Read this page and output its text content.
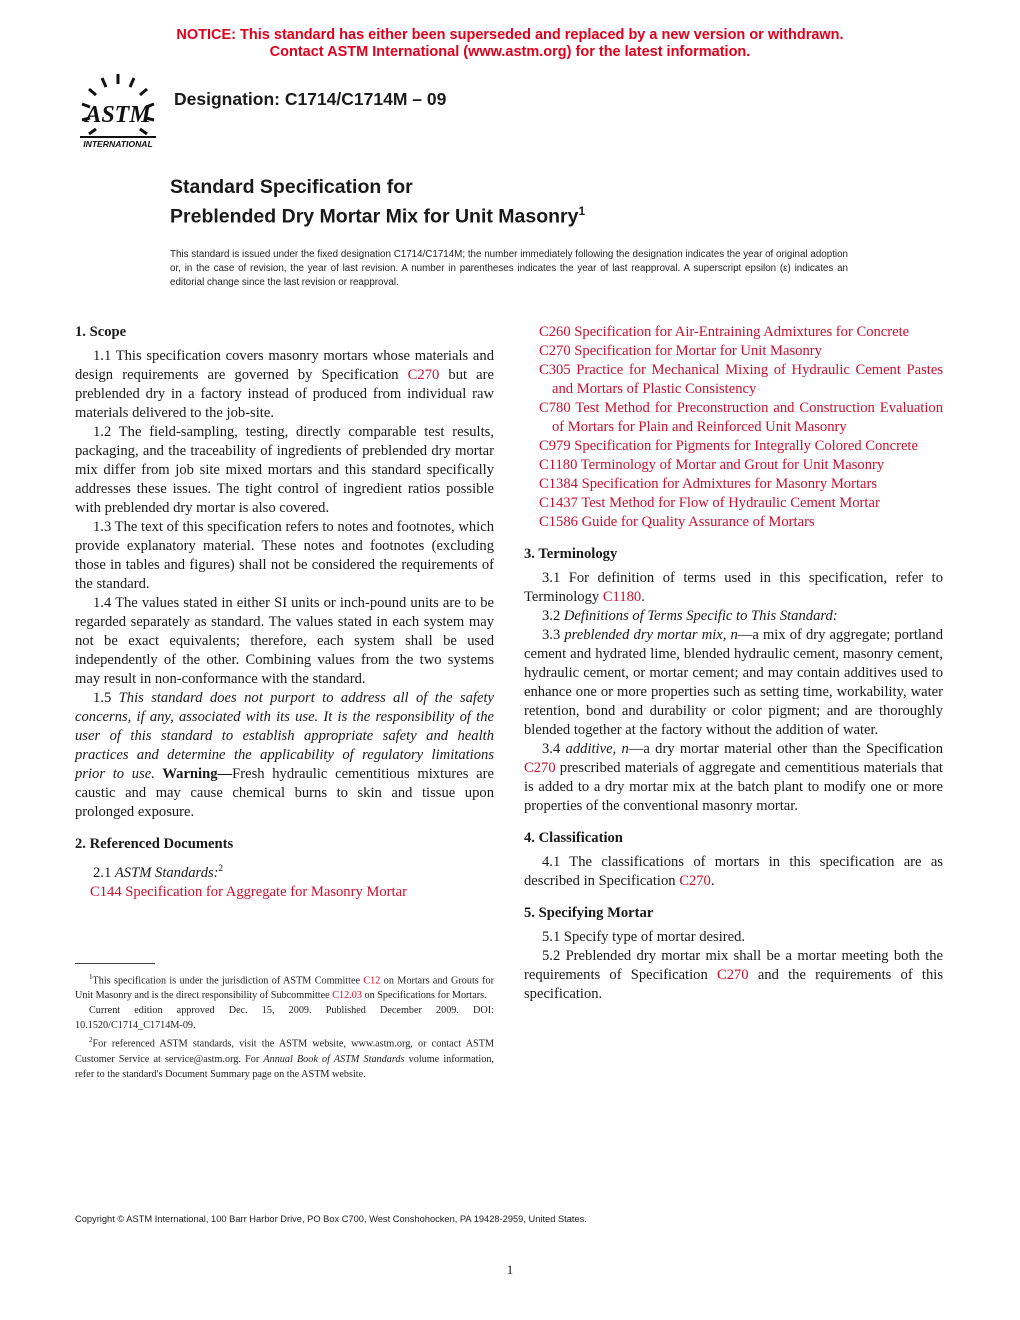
NOTICE: This standard has either been superseded and replaced by a new version or withdrawn.
Contact ASTM International (www.astm.org) for the latest information.
ASTM
INTERNATIONAL
Designation: C1714/C1714M – 09
Standard Specification for
Preblended Dry Mortar Mix for Unit Masonry$^1$
This standard is issued under the fixed designation C1714/C1714M; the number immediately following the designation indicates the year of original adoption or, in the case of revision, the year of last revision. A number in parentheses indicates the year of last reapproval. A superscript epsilon (ε) indicates an editorial change since the last revision or reapproval.
1. Scope
1.1 This specification covers masonry mortars whose materials and design requirements are governed by Specification C270 but are preblended dry in a factory instead of produced from individual raw materials delivered to the job-site.
1.2 The field-sampling, testing, directly comparable test results, packaging, and the traceability of ingredients of preblended dry mortar mix differ from job site mixed mortars and this standard specifically addresses these issues. The tight control of ingredient ratios possible with preblended dry mortar is also covered.
1.3 The text of this specification refers to notes and footnotes, which provide explanatory material. These notes and footnotes (excluding those in tables and figures) shall not be considered the requirements of the standard.
1.4 The values stated in either SI units or inch-pound units are to be regarded separately as standard. The values stated in each system may not be exact equivalents; therefore, each system shall be used independently of the other. Combining values from the two systems may result in non-conformance with the standard.
1.5 This standard does not purport to address all of the safety concerns, if any, associated with its use. It is the responsibility of the user of this standard to establish appropriate safety and health practices and determine the applicability of regulatory limitations prior to use. Warning—Fresh hydraulic cementitious mixtures are caustic and may cause chemical burns to skin and tissue upon prolonged exposure.
2. Referenced Documents
2.1 ASTM Standards:$^2$
C144 Specification for Aggregate for Masonry Mortar
$^1$This specification is under the jurisdiction of ASTM Committee C12 on Mortars and Grouts for Unit Masonry and is the direct responsibility of Subcommittee C12.03 on Specifications for Mortars.
Current edition approved Dec. 15, 2009. Published December 2009. DOI: 10.1520/C1714_C1714M-09.
$^2$For referenced ASTM standards, visit the ASTM website, www.astm.org, or contact ASTM Customer Service at service@astm.org. For Annual Book of ASTM Standards volume information, refer to the standard's Document Summary page on the ASTM website.
C260 Specification for Air-Entraining Admixtures for Concrete
C270 Specification for Mortar for Unit Masonry
C305 Practice for Mechanical Mixing of Hydraulic Cement Pastes and Mortars of Plastic Consistency
C780 Test Method for Preconstruction and Construction Evaluation of Mortars for Plain and Reinforced Unit Masonry
C979 Specification for Pigments for Integrally Colored Concrete
C1180 Terminology of Mortar and Grout for Unit Masonry
C1384 Specification for Admixtures for Masonry Mortars
C1437 Test Method for Flow of Hydraulic Cement Mortar
C1586 Guide for Quality Assurance of Mortars
3. Terminology
3.1 For definition of terms used in this specification, refer to Terminology C1180.
3.2 Definitions of Terms Specific to This Standard:
3.3 preblended dry mortar mix, n—a mix of dry aggregate; portland cement and hydrated lime, blended hydraulic cement, masonry cement, hydraulic cement, or mortar cement; and may contain additives used to enhance one or more properties such as setting time, workability, water retention, bond and durability or color pigment; and are thoroughly blended together at the factory without the addition of water.
3.4 additive, n—a dry mortar material other than the Specification C270 prescribed materials of aggregate and cementitious materials that is added to a dry mortar mix at the batch plant to modify one or more properties of the conventional masonry mortar.
4. Classification
4.1 The classifications of mortars in this specification are as described in Specification C270.
5. Specifying Mortar
5.1 Specify type of mortar desired.
5.2 Preblended dry mortar mix shall be a mortar meeting both the requirements of Specification C270 and the requirements of this specification.
Copyright © ASTM International, 100 Barr Harbor Drive, PO Box C700, West Conshohocken, PA 19428-2959, United States.
1
